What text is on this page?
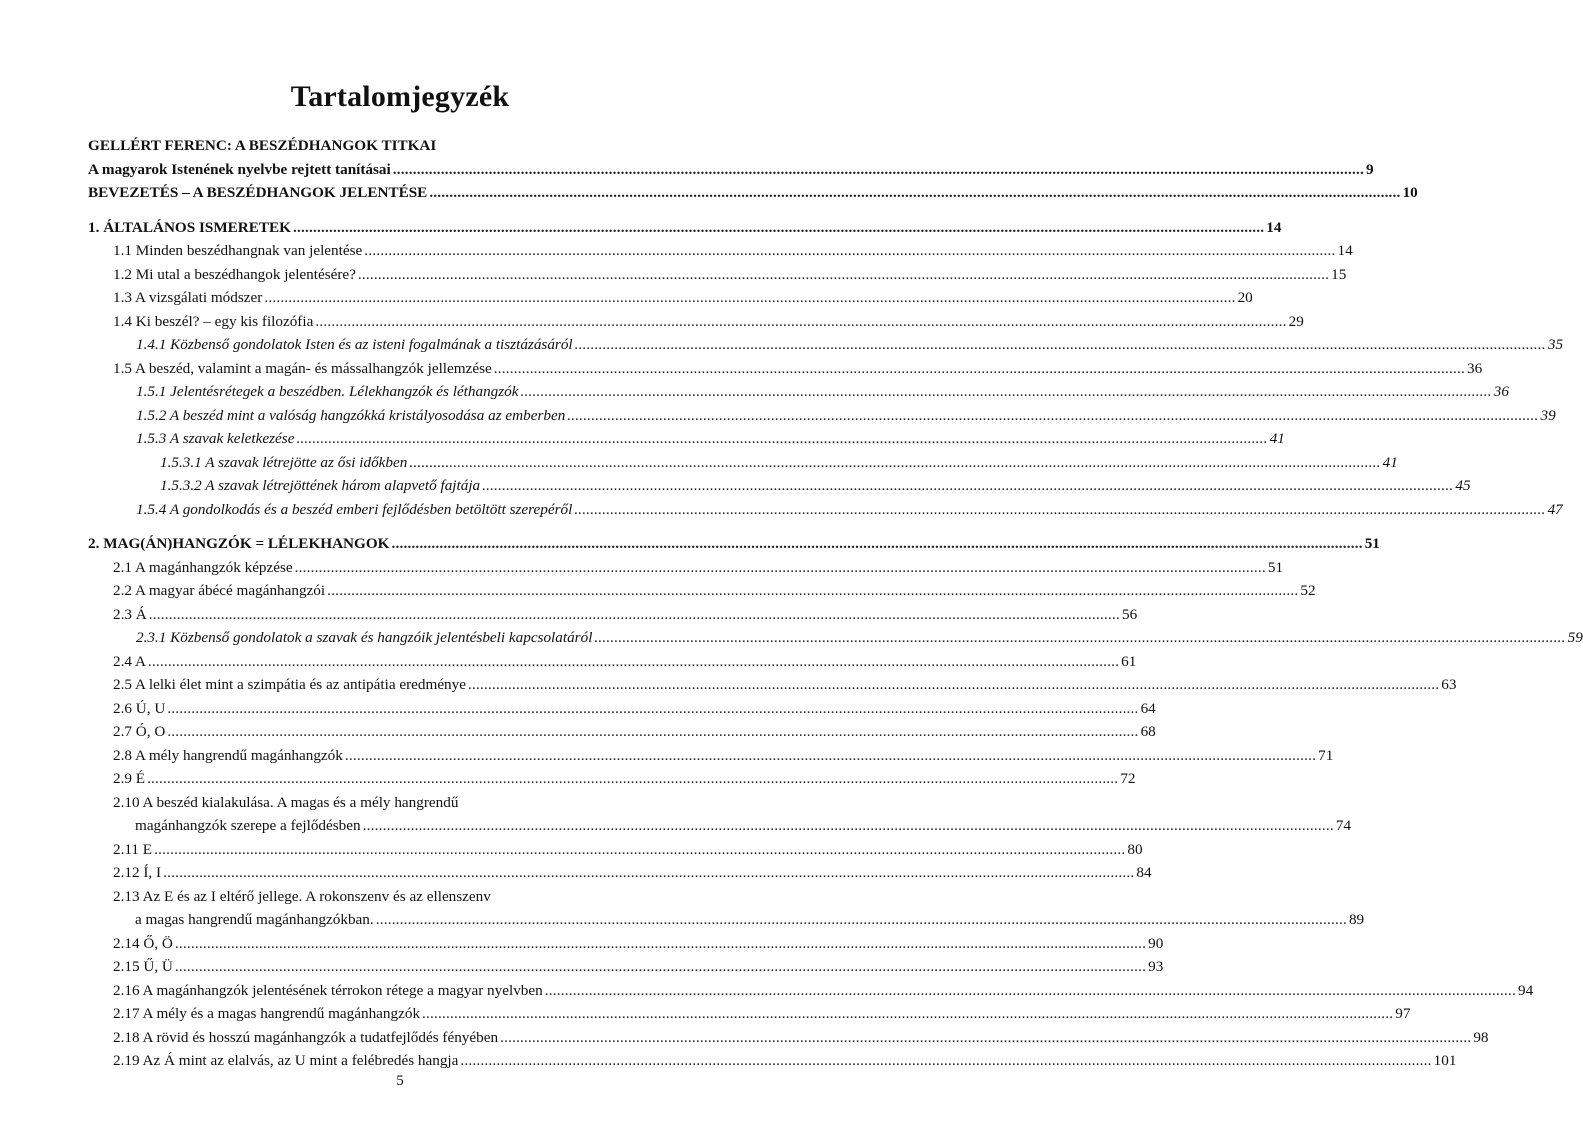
Tartalomjegyzék
GELLÉRT FERENC: A BESZÉDHANGOK TITKAI
A magyarok Istenének nyelvbe rejtett tanításai .....	9
BEVEZETÉS – A BESZÉDHANGOK JELENTÉSE .....	10
1. ÁLTALÁNOS ISMERETEK .....	14
1.1 Minden beszédhangnak van jelentése .....	14
1.2 Mi utal a beszédhangok jelentésére? .....	15
1.3 A vizsgálati módszer .....	20
1.4 Ki beszél? – egy kis filozófia .....	29
1.4.1 Közbenső gondolatok Isten és az isteni fogalmának a tisztázásáról .....	35
1.5 A beszéd, valamint a magán- és mássalhangzók jellemzése .....	36
1.5.1 Jelentésrétegek a beszédben. Lélekhangzók és léthangzók .....	36
1.5.2 A beszéd mint a valóság hangzókká kristályosodása az emberben .....	39
1.5.3 A szavak keletkezése .....	41
1.5.3.1 A szavak létrejötte az ősi időkben .....	41
1.5.3.2 A szavak létrejöttének három alapvető fajtája .....	45
1.5.4 A gondolkodás és a beszéd emberi fejlődésben betöltött szerepéről .....	47
2. MAG(ÁN)HANGZÓK = LÉLEKHANGOK .....	51
2.1 A magánhangzók képzése .....	51
2.2 A magyar ábécé magánhangzói .....	52
2.3 Á .....	56
2.3.1 Közbenső gondolatok a szavak és hangzóik jelentésbeli kapcsolatáról .....	59
2.4 A .....	61
2.5 A lelki élet mint a szimpátia és az antipátia eredménye .....	63
2.6 Ú, U .....	64
2.7 Ó, O .....	68
2.8 A mély hangrendű magánhangzók .....	71
2.9 É .....	72
2.10 A beszéd kialakulása. A magas és a mély hangrendű
magánhangzók szerepe a fejlődésben .....	74
2.11 E .....	80
2.12 Í, I .....	84
2.13 Az E és az I eltérő jellege. A rokonszenv és az ellenszenv
a magas hangrendű magánhangzókban. .....	89
2.14 Ő, Ö .....	90
2.15 Ű, Ü .....	93
2.16 A magánhangzók jelentésének térrokon rétege a magyar nyelvben .....	94
2.17 A mély és a magas hangrendű magánhangzók .....	97
2.18 A rövid és hosszú magánhangzók a tudatfejlődés fényében .....	98
2.19 Az Á mint az elalvás, az U mint a felébredés hangja .....	101
5
